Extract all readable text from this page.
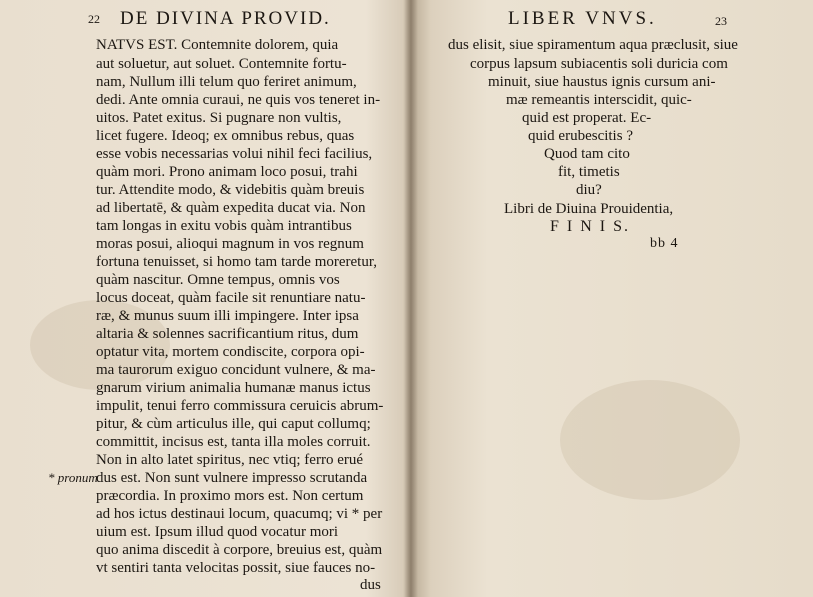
22 DE DIVINA PROVID.
NATVS EST. Contemnite dolorem, quia
aut soluetur, aut soluet. Contemnite fortu-
nam, Nullum illi telum quo feriret animum,
dedi. Ante omnia curaui, ne quis vos teneret in-
uitos. Patet exitus. Si pugnare non vultis,
licet fugere. Ideoq; ex omnibus rebus, quas
esse vobis necessarias volui nihil feci facilius,
quàm mori. Prono animam loco posui, trahi
tur. Attendite modo, & videbitis quàm breuis
ad libertatē, & quàm expedita ducat via. Non
tam longas in exitu vobis quàm intrantibus
moras posui, alioqui magnum in vos regnum
fortuna tenuisset, si homo tam tarde moreretur,
quàm nascitur. Omne tempus, omnis vos
locus doceat, quàm facile sit renuntiare natu-
ræ, & munus suum illi impingere. Inter ipsa
altaria & solennes sacrificantium ritus, dum
optatur vita, mortem condiscite, corpora opi-
ma taurorum exiguo concidunt vulnere, & ma-
gnarum virium animalia humanæ manus ictus
impulit, tenui ferro commissura ceruicis abrum-
pitur, & cùm articulus ille, qui caput collumq;
committit, incisus est, tanta illa moles corruit.
Non in alto latet spiritus, nec vtiq; ferro erué
dus est. Non sunt vulnere impresso scrutanda
præcordia. In proximo mors est. Non certum
ad hos ictus destinaui locum, quacumq; vi * per
uium est. Ipsum illud quod vocatur mori
quo anima discedit à corpore, breuius est, quàm
vt sentiri tanta velocitas possit, siue fauces no-
* pronum
dus
LIBER VNVS.	23
dus elisit, siue spiramentum aqua præclusit, siue
corpus lapsum subiacentis soli duricia com
minuit, siue haustus ignis cursum ani-
mæ remeantis interscidit, quic-
quid est properat. Ec-
quid erubescitis ?
Quod tam cito
fit, timetis
diu?
Libri de Diuina Prouidentia,
F I N I S.
bb 4
